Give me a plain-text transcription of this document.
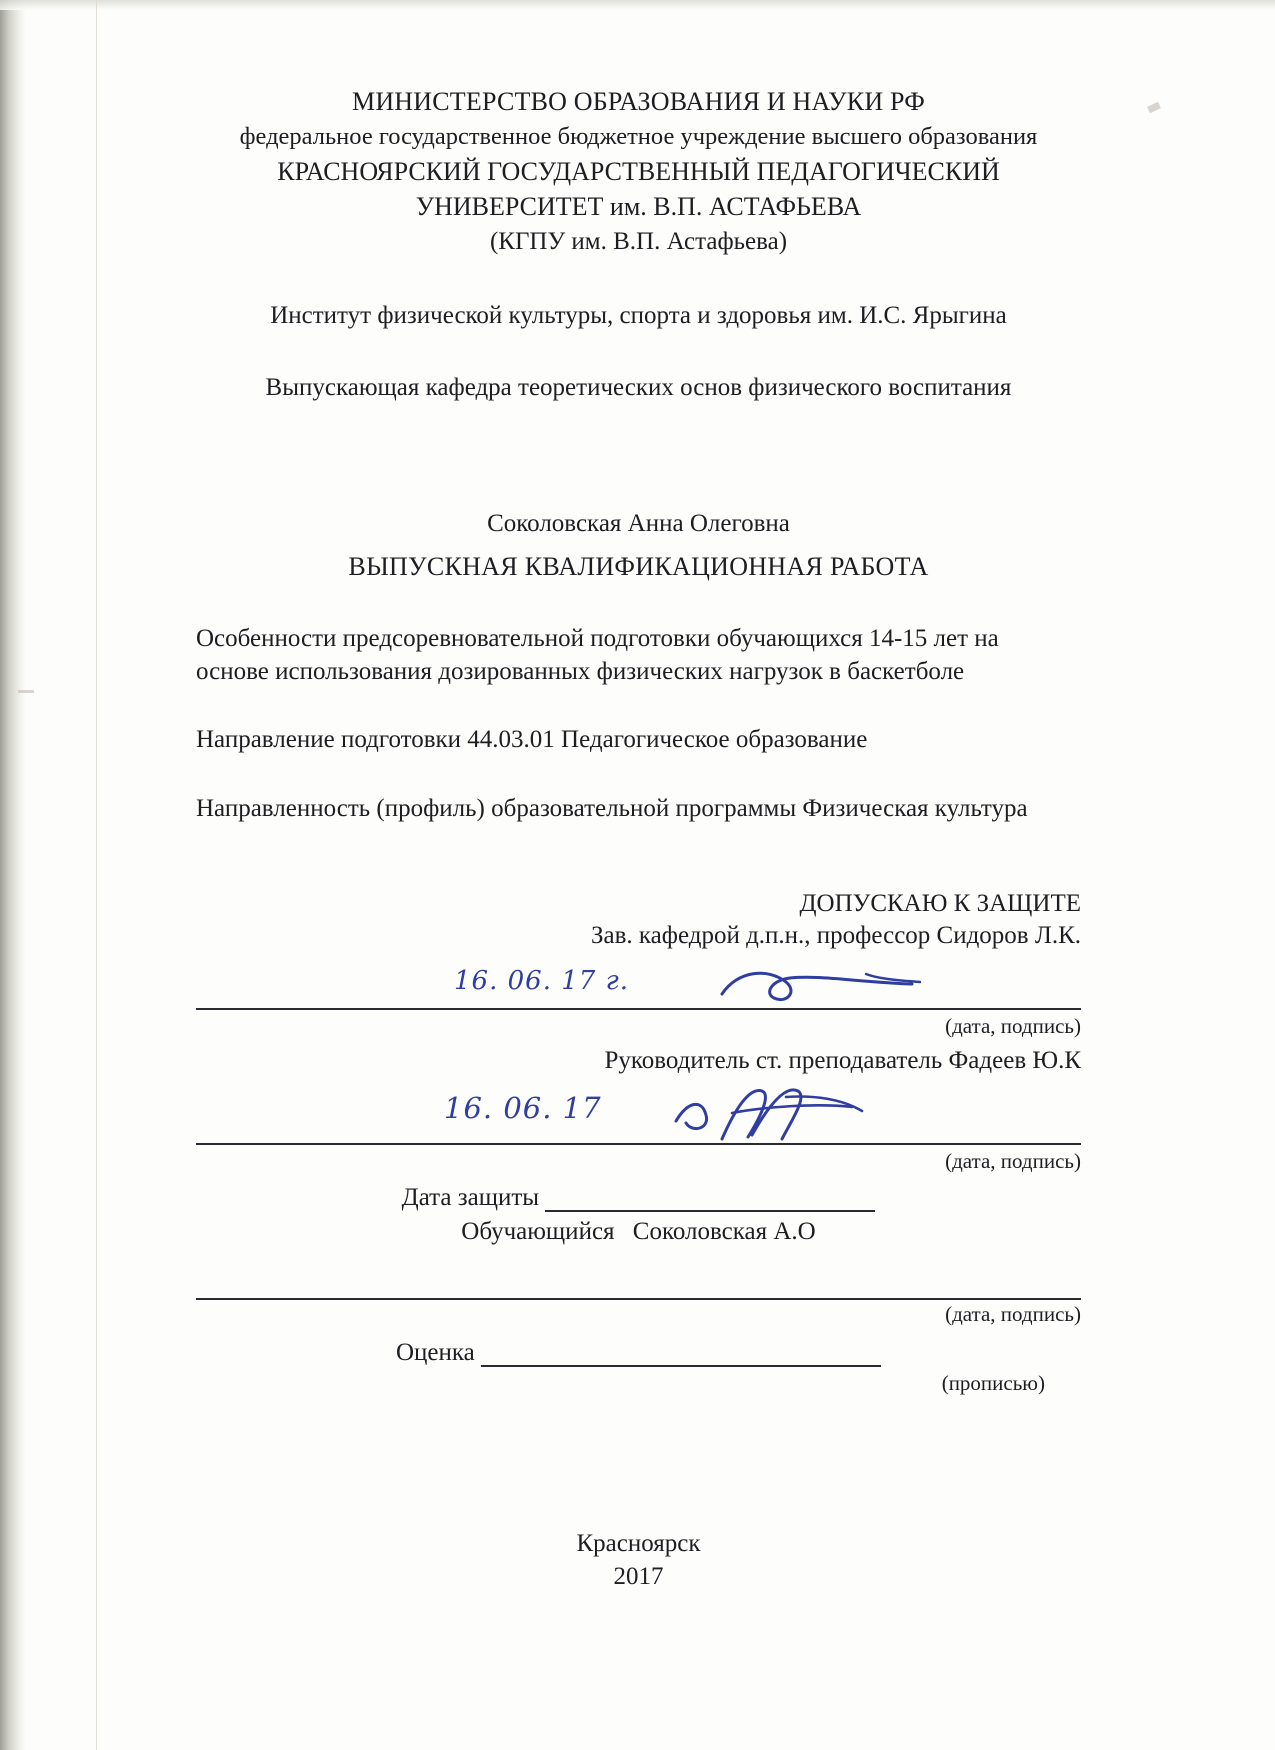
МИНИСТЕРСТВО ОБРАЗОВАНИЯ И НАУКИ РФ

федеральное государственное бюджетное учреждение высшего образования

КРАСНОЯРСКИЙ ГОСУДАРСТВЕННЫЙ ПЕДАГОГИЧЕСКИЙ

УНИВЕРСИТЕТ им. В.П. АСТАФЬЕВА

(КГПУ им. В.П. Астафьева)

Институт физической культуры, спорта и здоровья им. И.С. Ярыгина
Выпускающая кафедра теоретических основ физического воспитания
Соколовская Анна Олеговна
ВЫПУСКНАЯ КВАЛИФИКАЦИОННАЯ РАБОТА
Особенности предсоревновательной подготовки обучающихся 14-15 лет на
основе использования дозированных физических нагрузок в баскетболе
Направление подготовки 44.03.01 Педагогическое образование
Направленность (профиль) образовательной программы Физическая культура
ДОПУСКАЮ К ЗАЩИТЕ
Зав. кафедрой д.п.н., профессор Сидоров Л.К.
16. 06. 17 г.
(дата, подпись)
Руководитель ст. преподаватель Фадеев Ю.К
16. 06. 17
(дата, подпись)
Дата защиты
Обучающийся Соколовская А.О
(дата, подпись)
Оценка
(прописью)

Красноярск

2017
